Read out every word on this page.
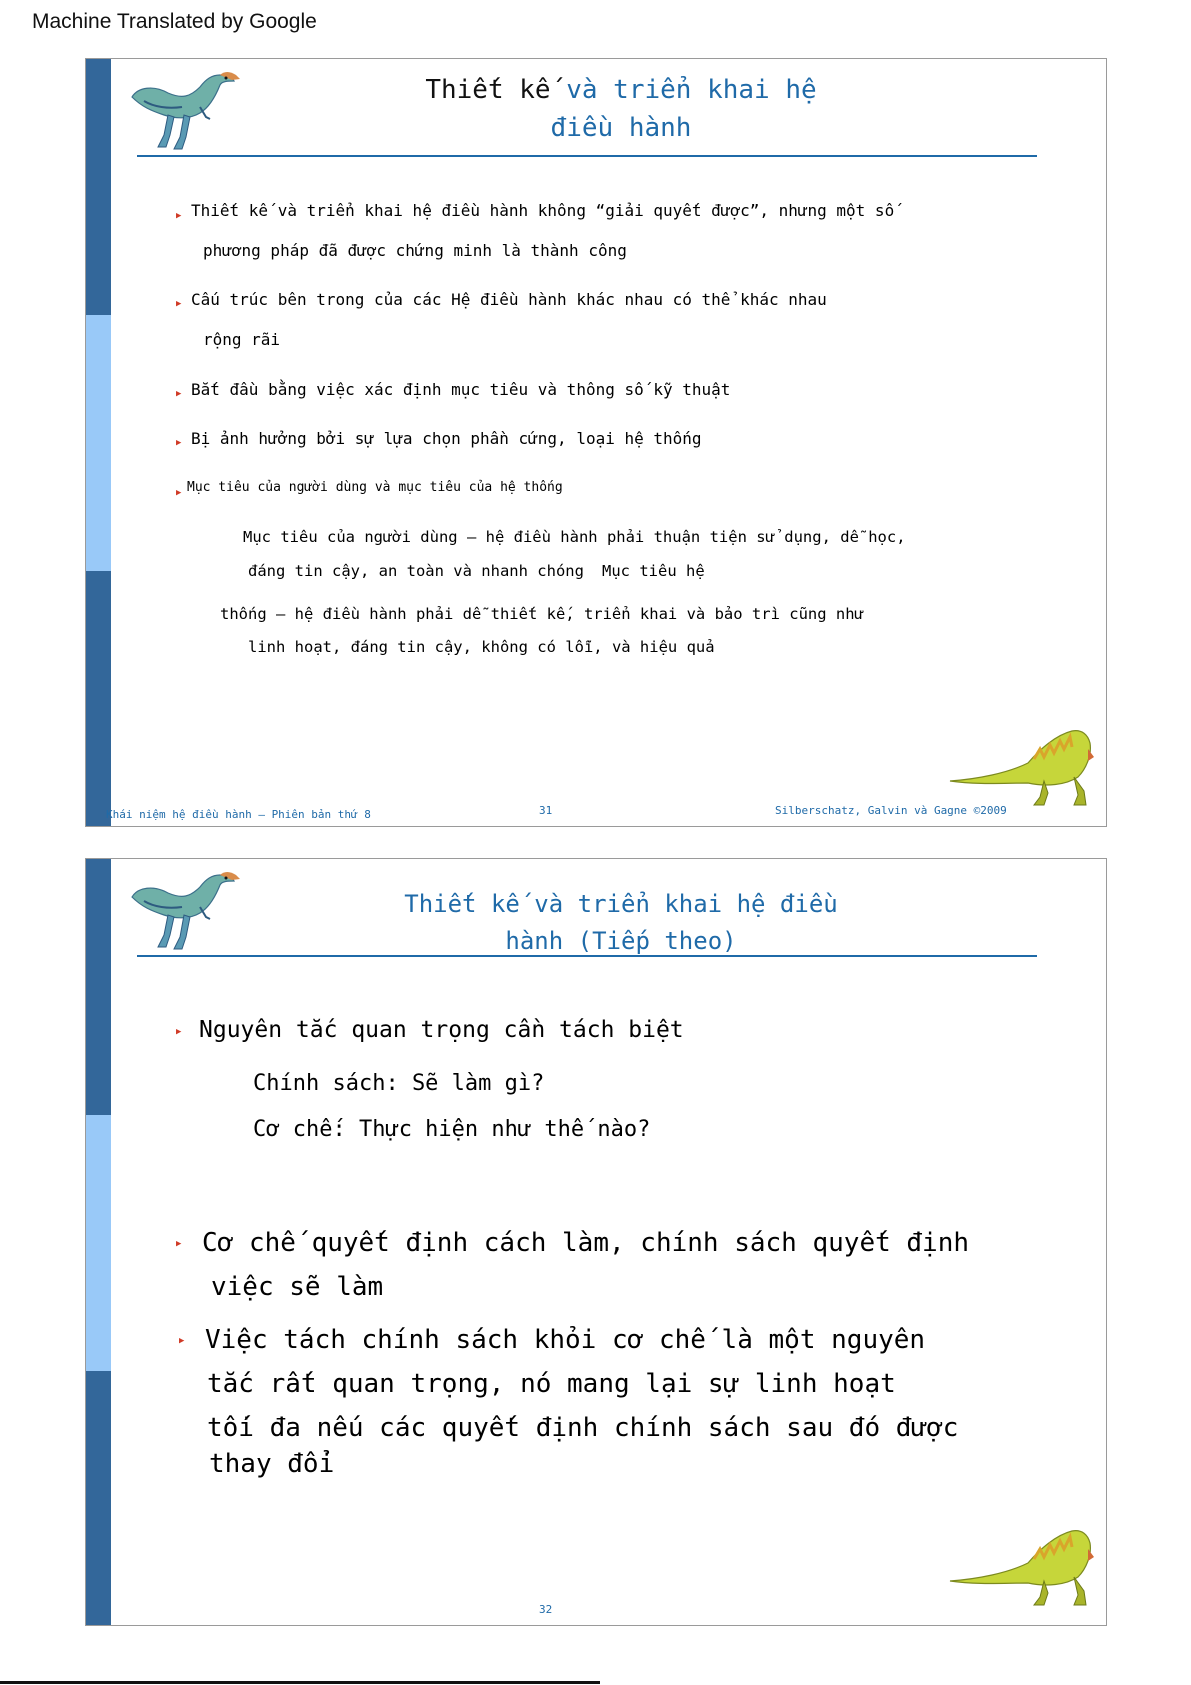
Machine Translated by Google
Thiết kế và triển khai hệ
điều hành
▶ Thiết kế và triển khai hệ điều hành không “giải quyết được”, nhưng một số
phương pháp đã được chứng minh là thành công
▶ Cấu trúc bên trong của các Hệ điều hành khác nhau có thể khác nhau
rộng rãi
▶ Bắt đầu bằng việc xác định mục tiêu và thông số kỹ thuật
▶ Bị ảnh hưởng bởi sự lựa chọn phần cứng, loại hệ thống
▶ Mục tiêu của người dùng và mục tiêu của hệ thống
Mục tiêu của người dùng – hệ điều hành phải thuận tiện sử dụng, dễ học,
đáng tin cậy, an toàn và nhanh chóng Mục tiêu hệ
thống – hệ điều hành phải dễ thiết kế, triển khai và bảo trì cũng như
linh hoạt, đáng tin cậy, không có lỗi, và hiệu quả
Khái niệm hệ điều hành – Phiên bản thứ 8	31	Silberschatz, Galvin và Gagne ©2009
Thiết kế và triển khai hệ điều
hành (Tiếp theo)
▶ Nguyên tắc quan trọng cần tách biệt
Chính sách: Sẽ làm gì?
Cơ chế: Thực hiện như thế nào?
▶ Cơ chế quyết định cách làm, chính sách quyết định
việc sẽ làm
▶ Việc tách chính sách khỏi cơ chế là một nguyên
tắc rất quan trọng, nó mang lại sự linh hoạt
tối đa nếu các quyết định chính sách sau đó được
thay đổi
32
